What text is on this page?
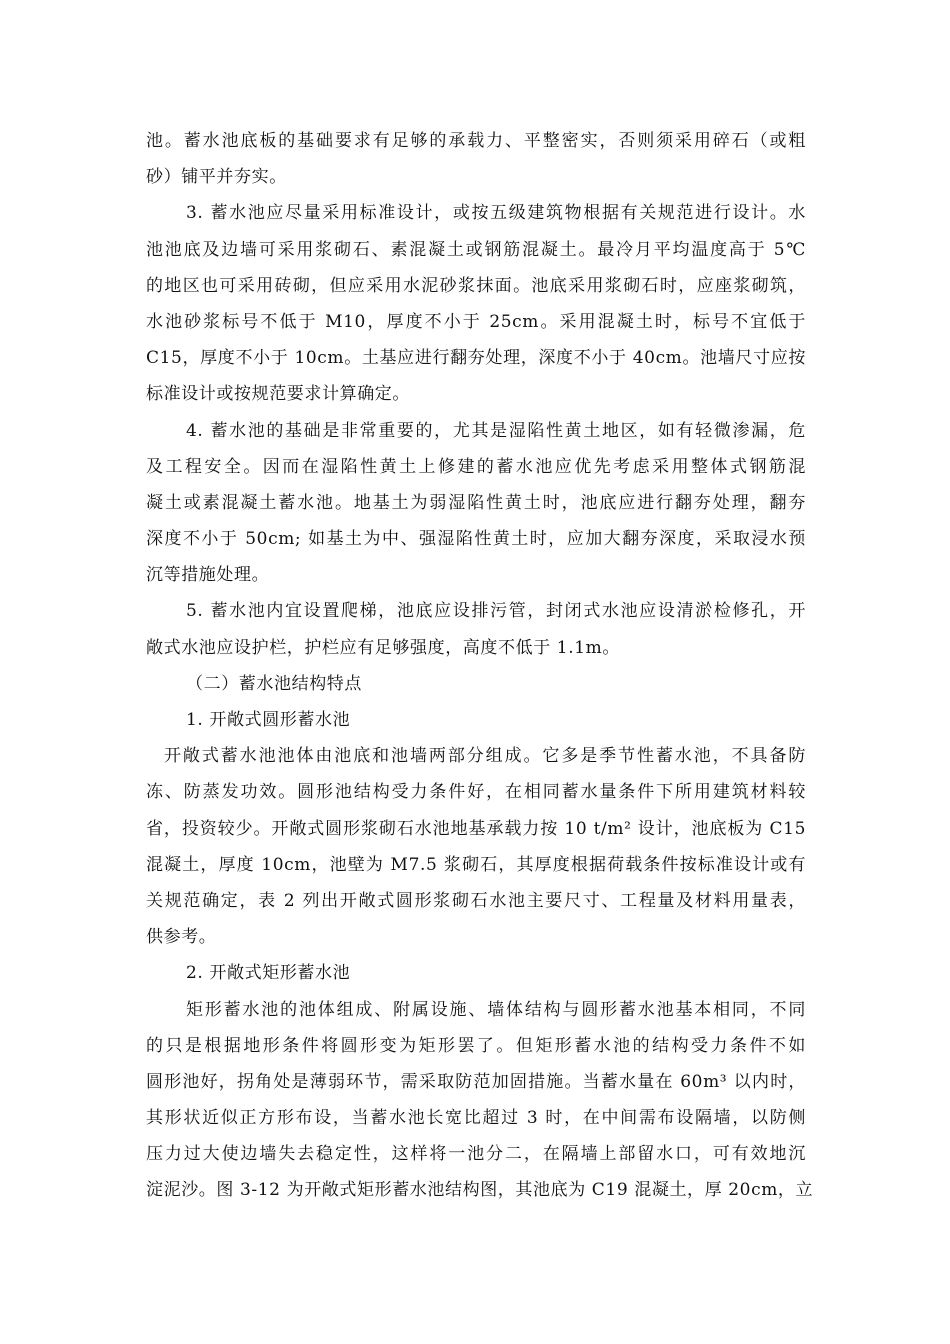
池。蓄水池底板的基础要求有足够的承载力、平整密实，否则须采用碎石（或粗
砂）铺平并夯实。
3. 蓄水池应尽量采用标准设计，或按五级建筑物根据有关规范进行设计。水
池池底及边墙可采用浆砌石、素混凝土或钢筋混凝土。最冷月平均温度高于 5℃
的地区也可采用砖砌，但应采用水泥砂浆抹面。池底采用浆砌石时，应座浆砌筑，
水池砂浆标号不低于 M10，厚度不小于 25cm。采用混凝土时，标号不宜低于
C15，厚度不小于 10cm。土基应进行翻夯处理，深度不小于 40cm。池墙尺寸应按
标准设计或按规范要求计算确定。
4. 蓄水池的基础是非常重要的，尤其是湿陷性黄土地区，如有轻微渗漏，危
及工程安全。因而在湿陷性黄土上修建的蓄水池应优先考虑采用整体式钢筋混
凝土或素混凝土蓄水池。地基土为弱湿陷性黄土时，池底应进行翻夯处理，翻夯
深度不小于 50cm; 如基土为中、强湿陷性黄土时，应加大翻夯深度，采取浸水预
沉等措施处理。
5. 蓄水池内宜设置爬梯，池底应设排污管，封闭式水池应设清淤检修孔，开
敞式水池应设护栏，护栏应有足够强度，高度不低于 1.1m。
（二）蓄水池结构特点
1. 开敞式圆形蓄水池
开敞式蓄水池池体由池底和池墙两部分组成。它多是季节性蓄水池，不具备防
冻、防蒸发功效。圆形池结构受力条件好，在相同蓄水量条件下所用建筑材料较
省，投资较少。开敞式圆形浆砌石水池地基承载力按 10 t/m² 设计，池底板为 C15
混凝土，厚度 10cm，池壁为 M7.5 浆砌石，其厚度根据荷载条件按标准设计或有
关规范确定，表 2 列出开敞式圆形浆砌石水池主要尺寸、工程量及材料用量表，
供参考。
2. 开敞式矩形蓄水池
矩形蓄水池的池体组成、附属设施、墙体结构与圆形蓄水池基本相同，不同
的只是根据地形条件将圆形变为矩形罢了。但矩形蓄水池的结构受力条件不如
圆形池好，拐角处是薄弱环节，需采取防范加固措施。当蓄水量在 60m³ 以内时，
其形状近似正方形布设，当蓄水池长宽比超过 3 时，在中间需布设隔墙，以防侧
压力过大使边墙失去稳定性，这样将一池分二，在隔墙上部留水口，可有效地沉
淀泥沙。图 3-12 为开敞式矩形蓄水池结构图，其池底为 C19 混凝土，厚 20cm，立
